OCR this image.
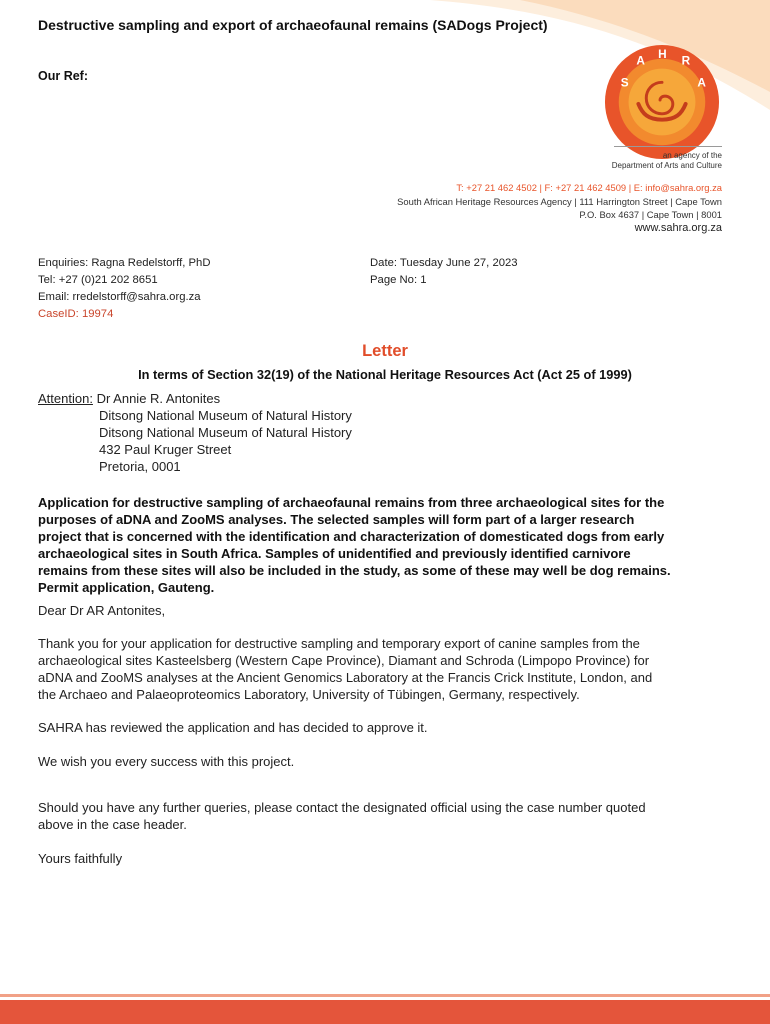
Destructive sampling and export of archaeofaunal remains (SADogs Project)
Our Ref:	S
A H R
A
an agency of the
Department of Arts and Culture
T: +27 21 462 4502 | F: +27 21 462 4509 | E: info@sahra.org.za
South African Heritage Resources Agency | 111 Harrington Street | Cape Town
P.O. Box 4637 | Cape Town | 8001
www.sahra.org.za
Enquiries: Ragna Redelstorff, PhD
Tel: +27 (0)21 202 8651
Email: rredelstorff@sahra.org.za
CaseID: 19974
Date: Tuesday June 27, 2023
Page No: 1
Letter
In terms of Section 32(19) of the National Heritage Resources Act (Act 25 of 1999)
Attention: Dr Annie R. Antonites
Ditsong National Museum of Natural History
Ditsong National Museum of Natural History
432 Paul Kruger Street
Pretoria, 0001
Application for destructive sampling of archaeofaunal remains from three archaeological sites for the
purposes of aDNA and ZooMS analyses. The selected samples will form part of a larger research
project that is concerned with the identification and characterization of domesticated dogs from early
archaeological sites in South Africa. Samples of unidentified and previously identified carnivore
remains from these sites will also be included in the study, as some of these may well be dog remains.
Permit application, Gauteng.
Dear Dr AR Antonites,
Thank you for your application for destructive sampling and temporary export of canine samples from the
archaeological sites Kasteelsberg (Western Cape Province), Diamant and Schroda (Limpopo Province) for
aDNA and ZooMS analyses at the Ancient Genomics Laboratory at the Francis Crick Institute, London, and
the Archaeo and Palaeoproteomics Laboratory, University of Tübingen, Germany, respectively.
SAHRA has reviewed the application and has decided to approve it.
We wish you every success with this project.
Should you have any further queries, please contact the designated official using the case number quoted
above in the case header.
Yours faithfully
